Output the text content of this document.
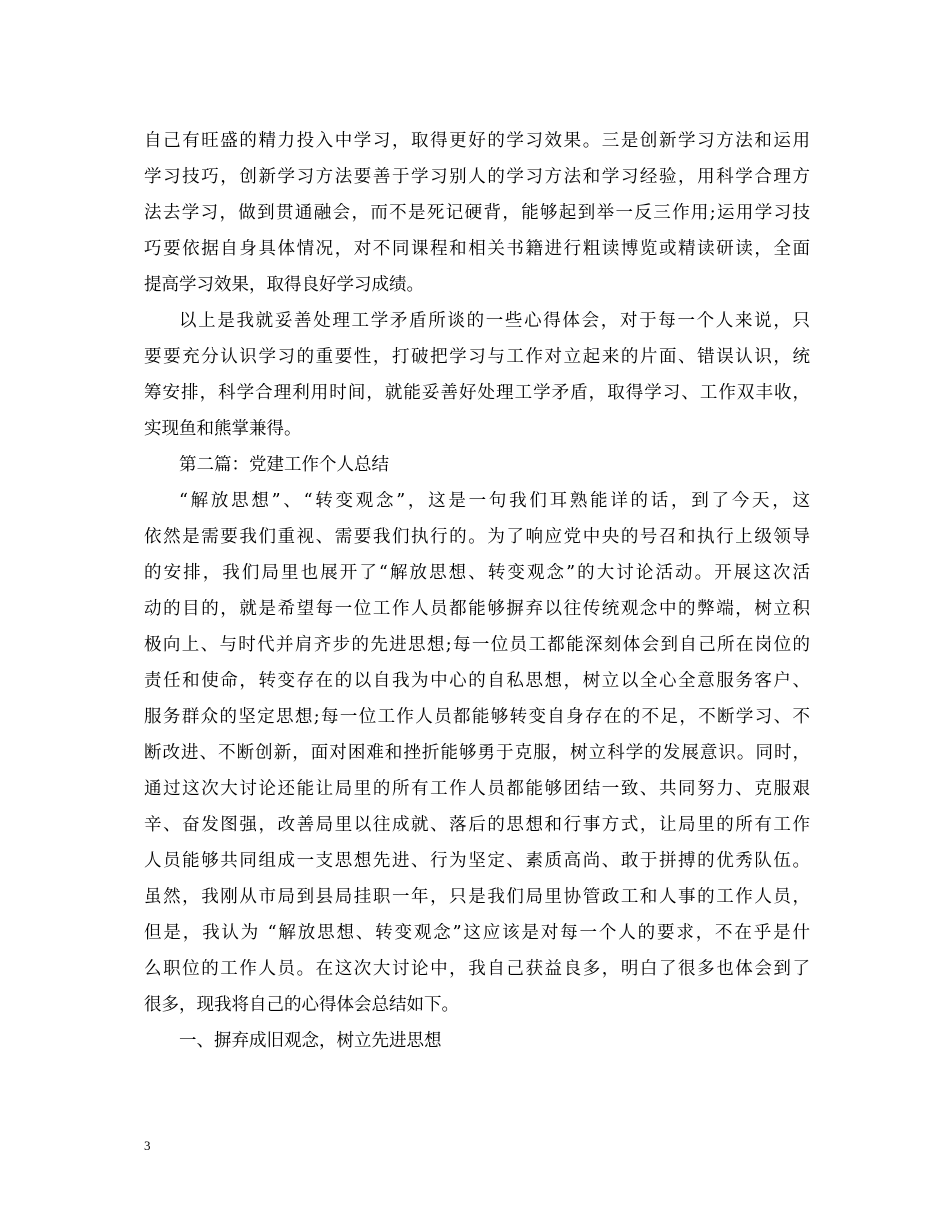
自己有旺盛的精力投入中学习，取得更好的学习效果。三是创新学习方法和运用
学习技巧，创新学习方法要善于学习别人的学习方法和学习经验，用科学合理方
法去学习，做到贯通融会，而不是死记硬背，能够起到举一反三作用;运用学习技
巧要依据自身具体情况，对不同课程和相关书籍进行粗读博览或精读研读，全面
提高学习效果，取得良好学习成绩。
以上是我就妥善处理工学矛盾所谈的一些心得体会，对于每一个人来说，只
要要充分认识学习的重要性，打破把学习与工作对立起来的片面、错误认识，统
筹安排，科学合理利用时间，就能妥善好处理工学矛盾，取得学习、工作双丰收，
实现鱼和熊掌兼得。
第二篇：党建工作个人总结
“解放思想”、“转变观念”，这是一句我们耳熟能详的话，到了今天，这
依然是需要我们重视、需要我们执行的。为了响应党中央的号召和执行上级领导
的安排，我们局里也展开了“解放思想、转变观念”的大讨论活动。开展这次活
动的目的，就是希望每一位工作人员都能够摒弃以往传统观念中的弊端，树立积
极向上、与时代并肩齐步的先进思想;每一位员工都能深刻体会到自己所在岗位的
责任和使命，转变存在的以自我为中心的自私思想，树立以全心全意服务客户、
服务群众的坚定思想;每一位工作人员都能够转变自身存在的不足，不断学习、不
断改进、不断创新，面对困难和挫折能够勇于克服，树立科学的发展意识。同时，
通过这次大讨论还能让局里的所有工作人员都能够团结一致、共同努力、克服艰
辛、奋发图强，改善局里以往成就、落后的思想和行事方式，让局里的所有工作
人员能够共同组成一支思想先进、行为坚定、素质高尚、敢于拼搏的优秀队伍。
虽然，我刚从市局到县局挂职一年，只是我们局里协管政工和人事的工作人员，
但是，我认为 “解放思想、转变观念”这应该是对每一个人的要求，不在乎是什
么职位的工作人员。在这次大讨论中，我自己获益良多，明白了很多也体会到了
很多，现我将自己的心得体会总结如下。
一、摒弃成旧观念，树立先进思想
3
